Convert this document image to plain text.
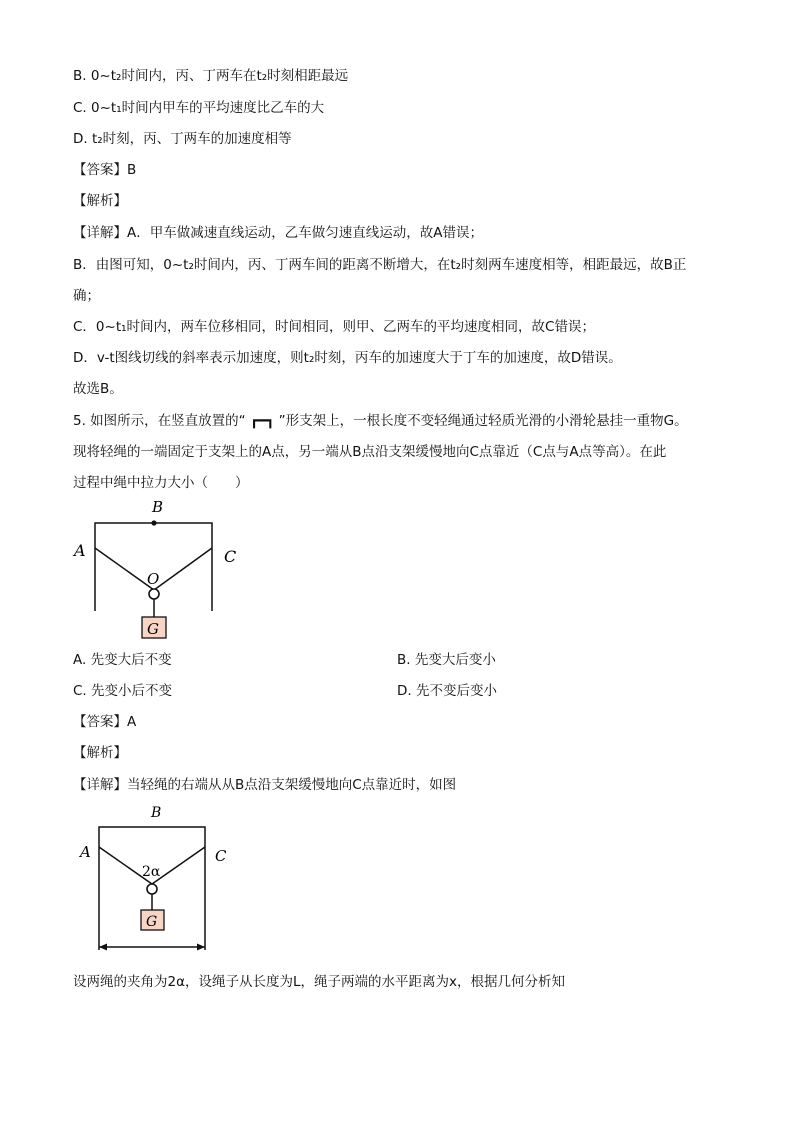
B. 0~t₂时间内，丙、丁两车在t₂时刻相距最远
C. 0~t₁时间内甲车的平均速度比乙车的大
D. t₂时刻，丙、丁两车的加速度相等
【答案】B
【解析】
【详解】A．甲车做减速直线运动，乙车做匀速直线运动，故A错误；
B．由图可知，0~t₂时间内，丙、丁两车间的距离不断增大，在t₂时刻两车速度相等，相距最远，故B正
确；
C．0~t₁时间内，两车位移相同，时间相同，则甲、乙两车的平均速度相同，故C错误；
D．v-t图线切线的斜率表示加速度，则t₂时刻，丙车的加速度大于丁车的加速度，故D错误。
故选B。
5. 如图所示，在竖直放置的“ ┏━┓ ”形支架上，一根长度不变轻绳通过轻质光滑的小滑轮悬挂一重物G。
现将轻绳的一端固定于支架上的A点，另一端从B点沿支架缓慢地向C点靠近（C点与A点等高）。在此
过程中绳中拉力大小（　　）
B
A	C
O
G
A. 先变大后不变	B. 先变大后变小
C. 先变小后不变	D. 先不变后变小
【答案】A
【解析】
【详解】当轻绳的右端从从B点沿支架缓慢地向C点靠近时，如图
B
A	C
2α
G
设两绳的夹角为2α，设绳子从长度为L，绳子两端的水平距离为x，根据几何分析知
